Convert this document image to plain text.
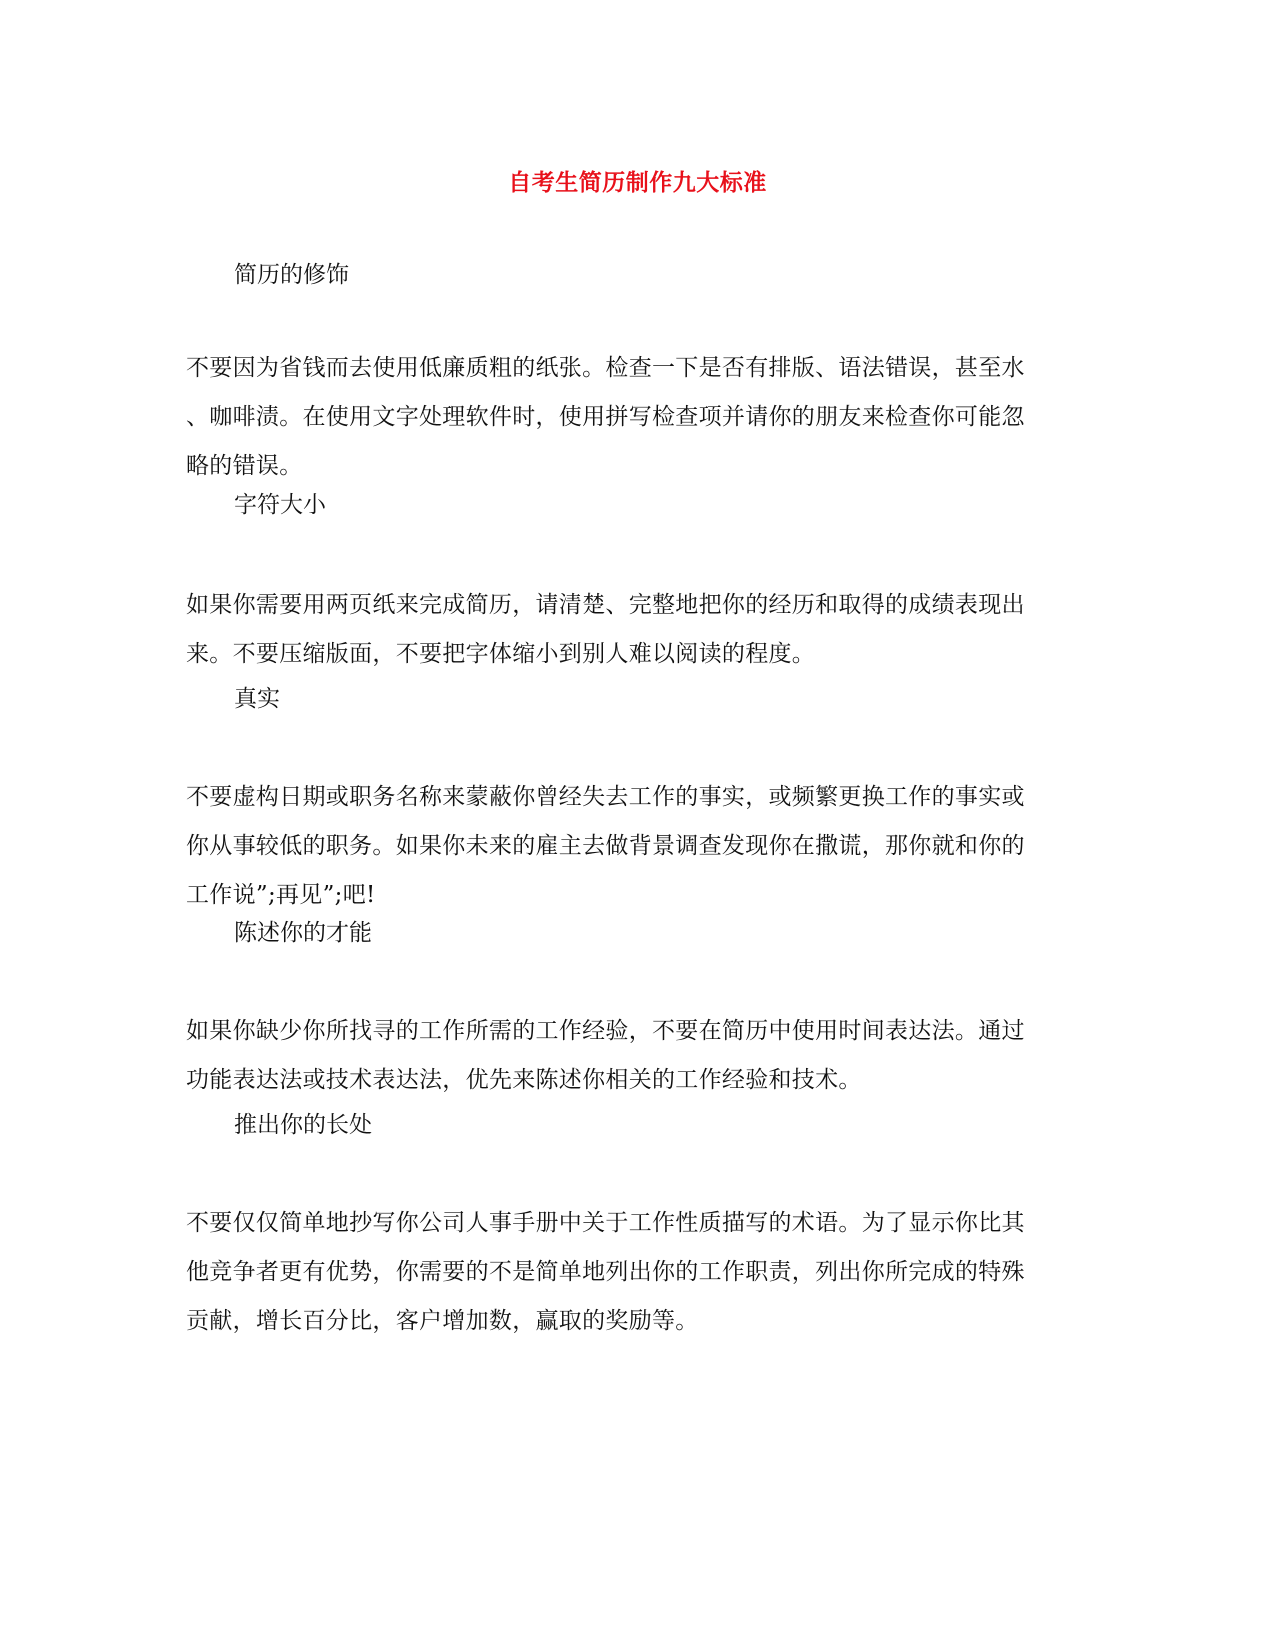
自考生简历制作九大标准
简历的修饰
不要因为省钱而去使用低廉质粗的纸张。检查一下是否有排版、语法错误，甚至水
、咖啡渍。在使用文字处理软件时，使用拼写检查项并请你的朋友来检查你可能忽
略的错误。
字符大小
如果你需要用两页纸来完成简历，请清楚、完整地把你的经历和取得的成绩表现出
来。不要压缩版面，不要把字体缩小到别人难以阅读的程度。
真实
不要虚构日期或职务名称来蒙蔽你曾经失去工作的事实，或频繁更换工作的事实或
你从事较低的职务。如果你未来的雇主去做背景调查发现你在撒谎，那你就和你的
工作说”;再见”;吧!
陈述你的才能
如果你缺少你所找寻的工作所需的工作经验，不要在简历中使用时间表达法。通过
功能表达法或技术表达法，优先来陈述你相关的工作经验和技术。
推出你的长处
不要仅仅简单地抄写你公司人事手册中关于工作性质描写的术语。为了显示你比其
他竞争者更有优势，你需要的不是简单地列出你的工作职责，列出你所完成的特殊
贡献，增长百分比，客户增加数，赢取的奖励等。
